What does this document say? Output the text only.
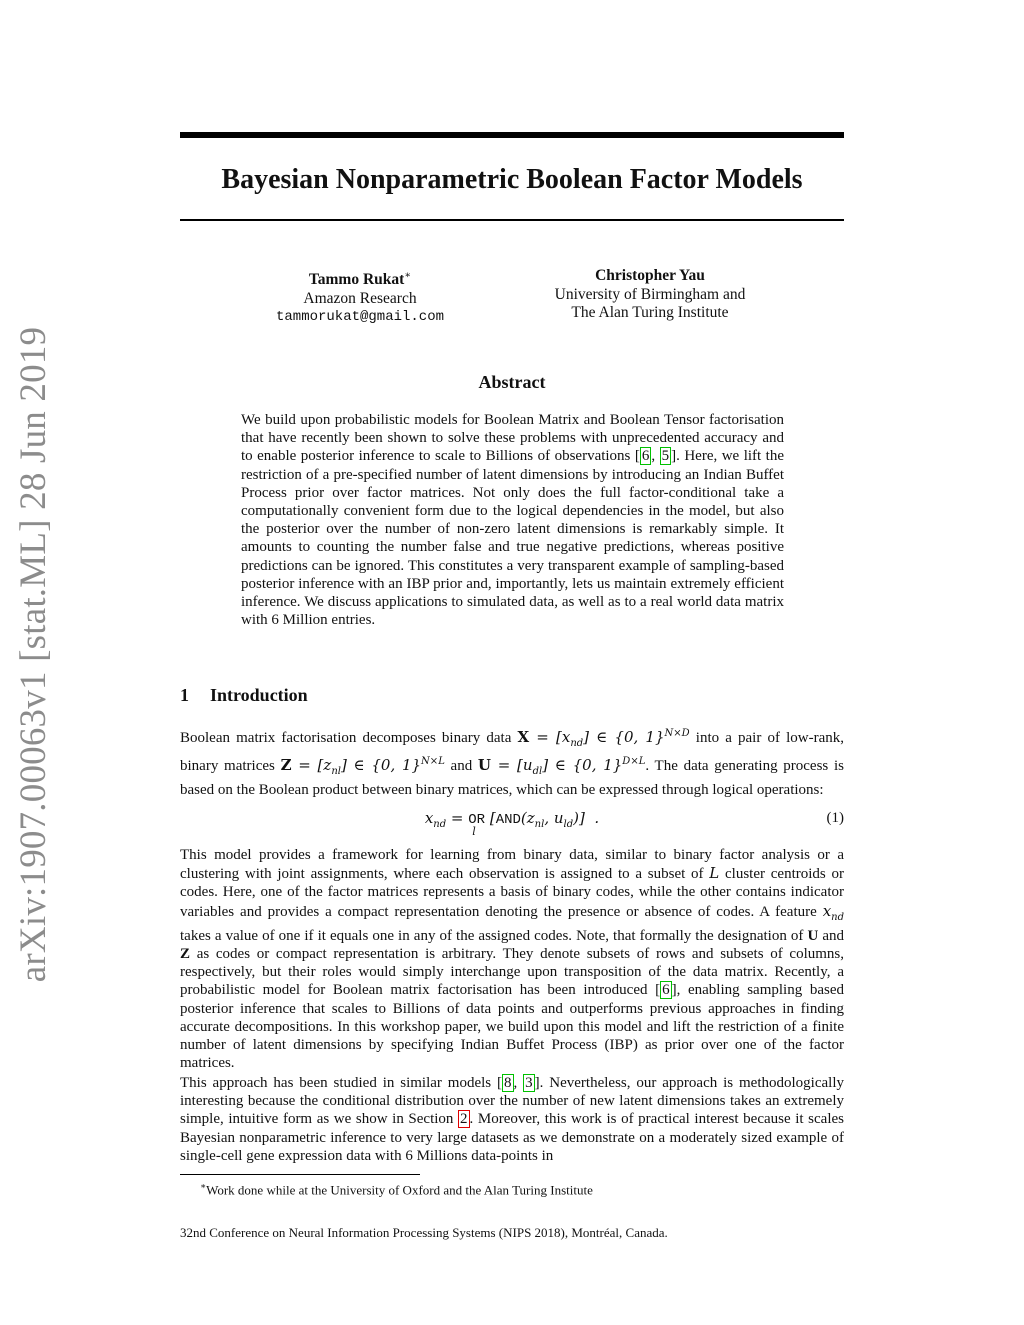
arXiv:1907.00063v1 [stat.ML] 28 Jun 2019
Bayesian Nonparametric Boolean Factor Models
Tammo Rukat∗
Amazon Research
tammorukat@gmail.com
Christopher Yau
University of Birmingham and
The Alan Turing Institute
Abstract

We build upon probabilistic models for Boolean Matrix and Boolean Tensor factorisation that have recently been shown to solve these problems with unprecedented accuracy and to enable posterior inference to scale to Billions of observations [ 6 , 5 ]. Here, we lift the restriction of a pre-specified number of latent dimensions by introducing an Indian Buffet Process prior over factor matrices. Not only does the full factor-conditional take a computationally convenient form due to the logical dependencies in the model, but also the posterior over the number of non-zero latent dimensions is remarkably simple. It amounts to counting the number false and true negative predictions, whereas positive predictions can be ignored. This constitutes a very transparent example of sampling-based posterior inference with an IBP prior and, importantly, lets us maintain extremely efficient inference. We discuss applications to simulated data, as well as to a real world data matrix with 6 Million entries.

1 Introduction

Boolean matrix factorisation decomposes binary data $X = [x_{nd}]$ ∈ {0, 1}$^{N\times D}$ into a pair of low-rank, binary matrices $Z = [z_{nl}]$ ∈ {0, 1}$^{N\times L}$ and $U = [u_{dl}]$ ∈ {0, 1}$^{D\times L}$. The data generating process is based on the Boolean product between binary matrices, which can be expressed through logical operations:

$x_{nd}$ = OR
l
[$AND(z_{nl}$, $u_{ld}$)]  .	(1)

This model provides a framework for learning from binary data, similar to binary factor analysis or a clustering with joint assignments, where each observation is assigned to a subset of L cluster centroids or codes. Here, one of the factor matrices represents a basis of binary codes, while the other contains indicator variables and provides a compact representation denoting the presence or absence of codes. A feature $x_{nd}$ takes a value of one if it equals one in any of the assigned codes. Note, that formally the designation of U and Z as codes or compact representation is arbitrary. They denote subsets of rows and subsets of columns, respectively, but their roles would simply interchange upon transposition of the data matrix. Recently, a probabilistic model for Boolean matrix factorisation has been introduced [ 6 ], enabling sampling based posterior inference that scales to Billions of data points and outperforms previous approaches in finding accurate decompositions. In this workshop paper, we build upon this model and lift the restriction of a finite number of latent dimensions by specifying Indian Buffet Process (IBP) as prior over one of the factor matrices.

This approach has been studied in similar models [ 8 , 3 ]. Nevertheless, our approach is methodologically interesting because the conditional distribution over the number of new latent dimensions takes an extremely simple, intuitive form as we show in Section 2 . Moreover, this work is of practical interest because it scales Bayesian nonparametric inference to very large datasets as we demonstrate on a moderately sized example of single-cell gene expression data with 6 Millions data-points in

∗Work done while at the University of Oxford and the Alan Turing Institute

32nd Conference on Neural Information Processing Systems (NIPS 2018), Montréal, Canada.
